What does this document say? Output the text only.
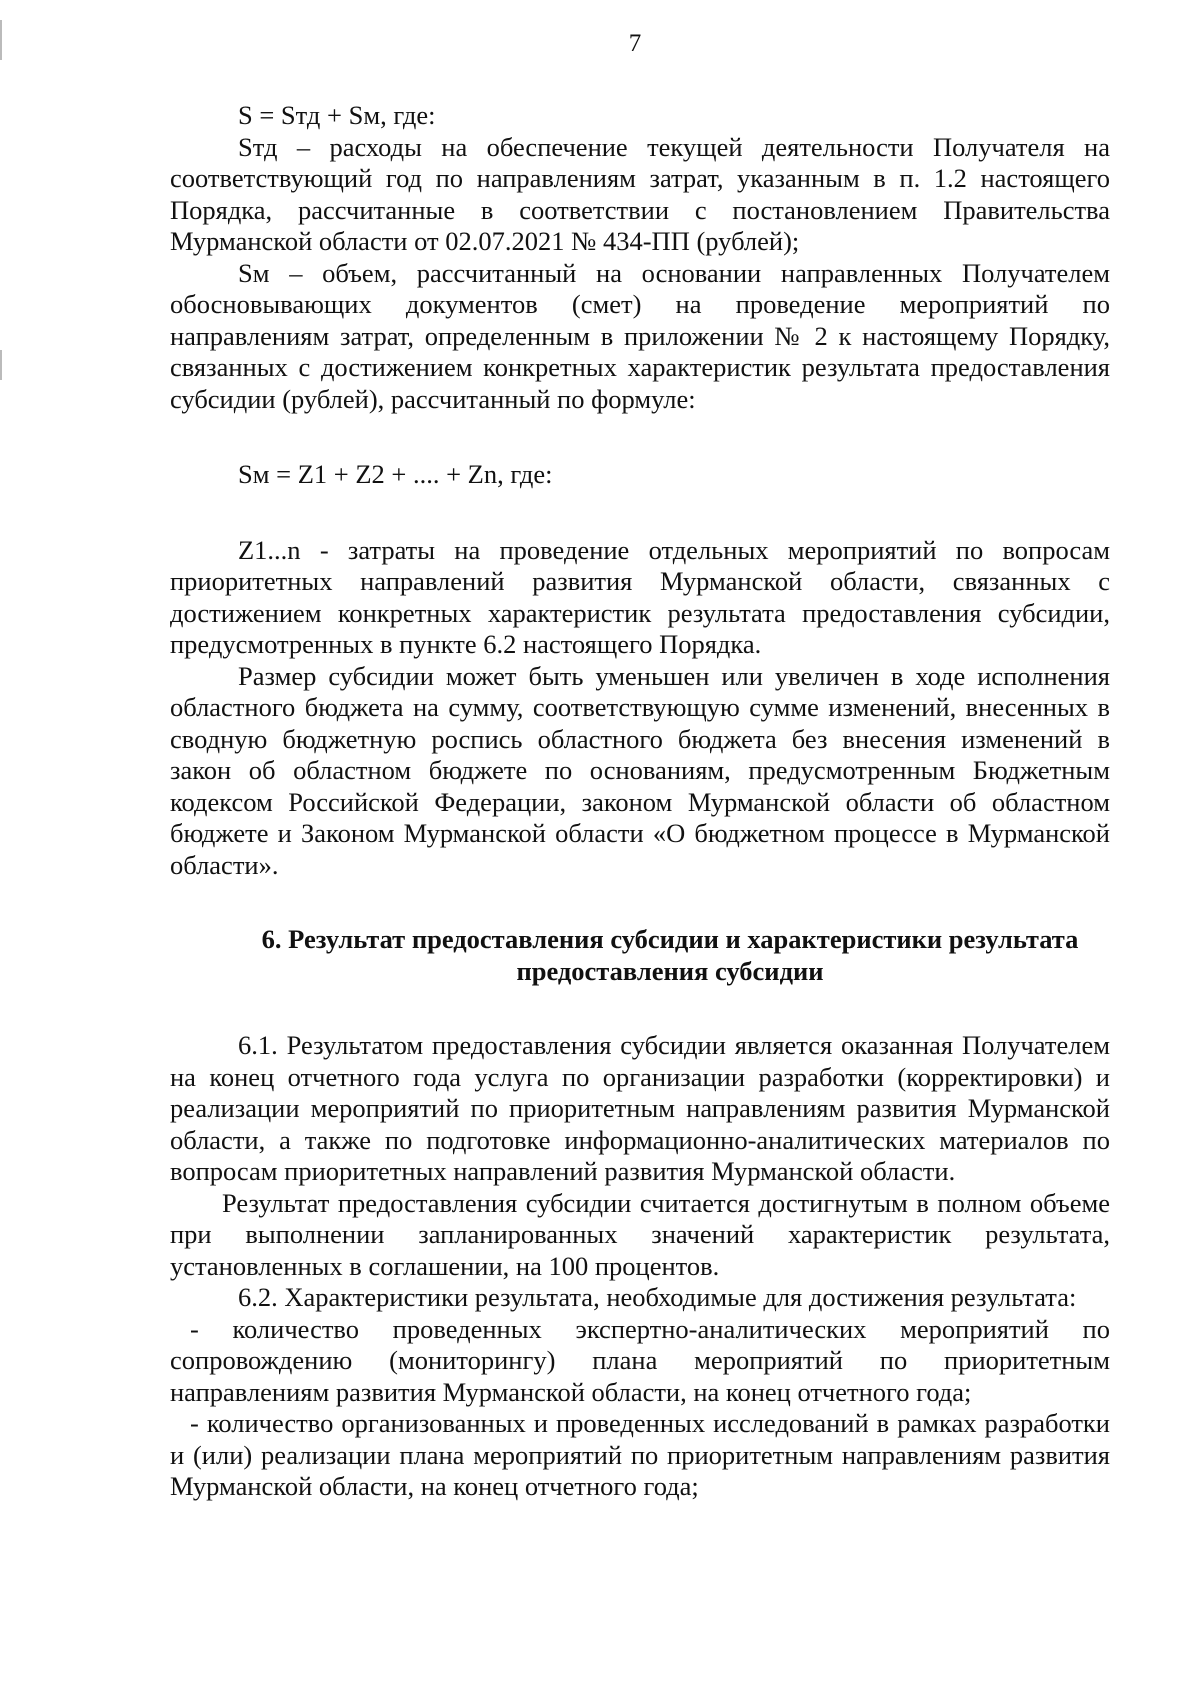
7

S = Sтд + Sм, где:

Sтд – расходы на обеспечение текущей деятельности Получателя на соответствующий год по направлениям затрат, указанным в п. 1.2 настоящего Порядка, рассчитанные в соответствии с постановлением Правительства Мурманской области от 02.07.2021 № 434-ПП (рублей);

Sм – объем, рассчитанный на основании направленных Получателем обосновывающих документов (смет) на проведение мероприятий по направлениям затрат, определенным в приложении № 2 к настоящему Порядку, связанных с достижением конкретных характеристик результата предоставления субсидии (рублей), рассчитанный по формуле:

Sм = Z1 + Z2 + .... + Zn, где:

Z1...n - затраты на проведение отдельных мероприятий по вопросам приоритетных направлений развития Мурманской области, связанных с достижением конкретных характеристик результата предоставления субсидии, предусмотренных в пункте 6.2 настоящего Порядка.

Размер субсидии может быть уменьшен или увеличен в ходе исполнения областного бюджета на сумму, соответствующую сумме изменений, внесенных в сводную бюджетную роспись областного бюджета без внесения изменений в закон об областном бюджете по основаниям, предусмотренным Бюджетным кодексом Российской Федерации, законом Мурманской области об областном бюджете и Законом Мурманской области «О бюджетном процессе в Мурманской области».

6. Результат предоставления субсидии и характеристики результата
предоставления субсидии

6.1. Результатом предоставления субсидии является оказанная Получателем на конец отчетного года услуга по организации разработки (корректировки) и реализации мероприятий по приоритетным направлениям развития Мурманской области, а также по подготовке информационно-аналитических материалов по вопросам приоритетных направлений развития Мурманской области.

Результат предоставления субсидии считается достигнутым в полном объеме при выполнении запланированных значений характеристик результата, установленных в соглашении, на 100 процентов.

6.2. Характеристики результата, необходимые для достижения результата:

- количество проведенных экспертно-аналитических мероприятий по сопровождению (мониторингу) плана мероприятий по приоритетным направлениям развития Мурманской области, на конец отчетного года;

- количество организованных и проведенных исследований в рамках разработки и (или) реализации плана мероприятий по приоритетным направлениям развития Мурманской области, на конец отчетного года;
